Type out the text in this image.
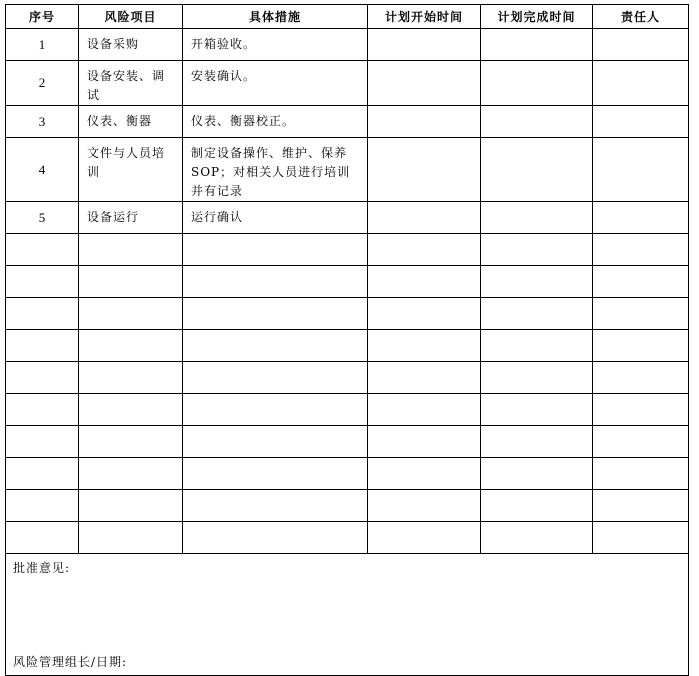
序号	风险项目	具体措施	计划开始时间	计划完成时间	责任人
1	设备采购	开箱验收。			

2	设备安装、调试	安装确认。			

3	仪表、衡器	仪表、衡器校正。			

4	文件与人员培训	制定设备操作、维护、保养SOP；对相关人员进行培训并有记录			

5	设备运行	运行确认			

批准意见:
风险管理组长/日期:					
